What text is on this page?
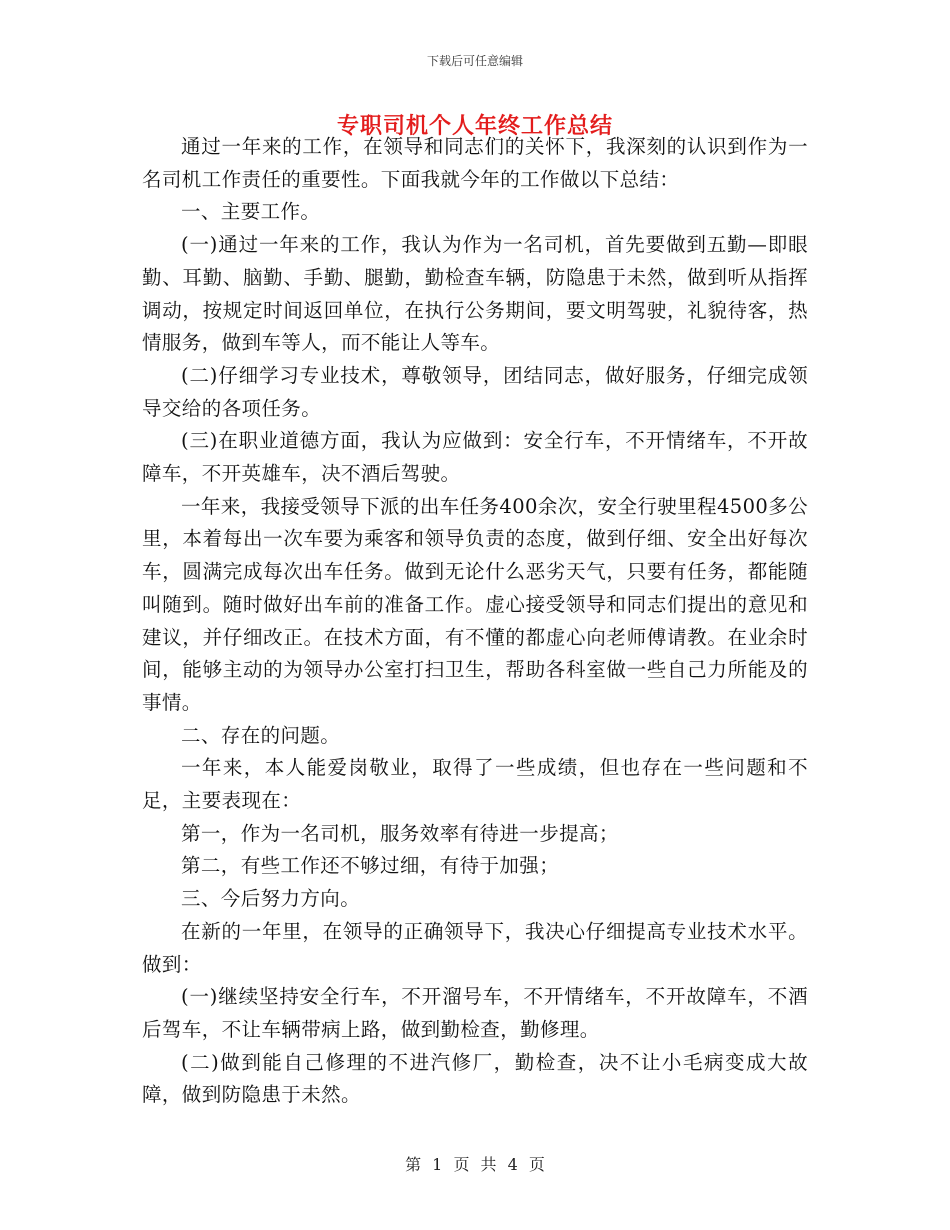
下载后可任意编辑
专职司机个人年终工作总结

通过一年来的工作，在领导和同志们的关怀下，我深刻的认识到作为一名司机工作责任的重要性。下面我就今年的工作做以下总结：

一、主要工作。

(一)通过一年来的工作，我认为作为一名司机，首先要做到五勤—即眼勤、耳勤、脑勤、手勤、腿勤，勤检查车辆，防隐患于未然，做到听从指挥调动，按规定时间返回单位，在执行公务期间，要文明驾驶，礼貌待客，热情服务，做到车等人，而不能让人等车。

(二)仔细学习专业技术，尊敬领导，团结同志，做好服务，仔细完成领导交给的各项任务。

(三)在职业道德方面，我认为应做到：安全行车，不开情绪车，不开故障车，不开英雄车，决不酒后驾驶。

一年来，我接受领导下派的出车任务400余次，安全行驶里程4500多公里，本着每出一次车要为乘客和领导负责的态度，做到仔细、安全出好每次车，圆满完成每次出车任务。做到无论什么恶劣天气，只要有任务，都能随叫随到。随时做好出车前的准备工作。虚心接受领导和同志们提出的意见和建议，并仔细改正。在技术方面，有不懂的都虚心向老师傅请教。在业余时间，能够主动的为领导办公室打扫卫生，帮助各科室做一些自己力所能及的事情。

二、存在的问题。

一年来，本人能爱岗敬业，取得了一些成绩，但也存在一些问题和不足，主要表现在：

第一，作为一名司机，服务效率有待进一步提高；

第二，有些工作还不够过细，有待于加强；

三、今后努力方向。

在新的一年里，在领导的正确领导下，我决心仔细提高专业技术水平。做到：

(一)继续坚持安全行车，不开溜号车，不开情绪车，不开故障车，不酒后驾车，不让车辆带病上路，做到勤检查，勤修理。

(二)做到能自己修理的不进汽修厂，勤检查，决不让小毛病变成大故障，做到防隐患于未然。

第 1 页 共 4 页
